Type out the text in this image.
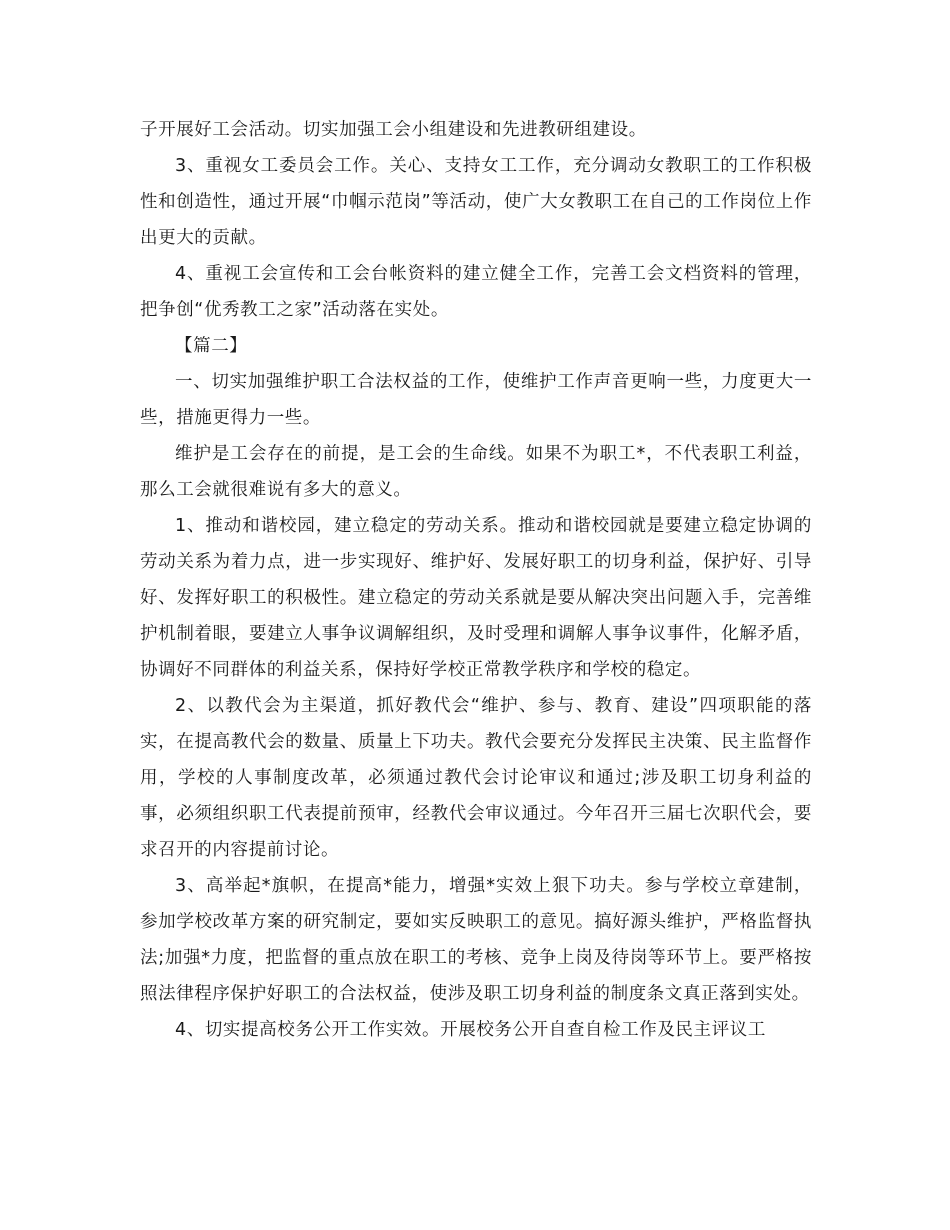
子开展好工会活动。切实加强工会小组建设和先进教研组建设。

3、重视女工委员会工作。关心、支持女工工作，充分调动女教职工的工作积极性和创造性，通过开展“巾帼示范岗”等活动，使广大女教职工在自己的工作岗位上作出更大的贡献。

4、重视工会宣传和工会台帐资料的建立健全工作，完善工会文档资料的管理，把争创“优秀教工之家”活动落在实处。

【篇二】

一、切实加强维护职工合法权益的工作，使维护工作声音更响一些，力度更大一些，措施更得力一些。

维护是工会存在的前提，是工会的生命线。如果不为职工*，不代表职工利益，那么工会就很难说有多大的意义。

1、推动和谐校园，建立稳定的劳动关系。推动和谐校园就是要建立稳定协调的劳动关系为着力点，进一步实现好、维护好、发展好职工的切身利益，保护好、引导好、发挥好职工的积极性。建立稳定的劳动关系就是要从解决突出问题入手，完善维护机制着眼，要建立人事争议调解组织，及时受理和调解人事争议事件，化解矛盾，协调好不同群体的利益关系，保持好学校正常教学秩序和学校的稳定。

2、以教代会为主渠道，抓好教代会“维护、参与、教育、建设”四项职能的落实，在提高教代会的数量、质量上下功夫。教代会要充分发挥民主决策、民主监督作用，学校的人事制度改革，必须通过教代会讨论审议和通过;涉及职工切身利益的事，必须组织职工代表提前预审，经教代会审议通过。今年召开三届七次职代会，要求召开的内容提前讨论。

3、高举起*旗帜，在提高*能力，增强*实效上狠下功夫。参与学校立章建制，参加学校改革方案的研究制定，要如实反映职工的意见。搞好源头维护，严格监督执法;加强*力度，把监督的重点放在职工的考核、竞争上岗及待岗等环节上。要严格按照法律程序保护好职工的合法权益，使涉及职工切身利益的制度条文真正落到实处。

4、切实提高校务公开工作实效。开展校务公开自查自检工作及民主评议工
